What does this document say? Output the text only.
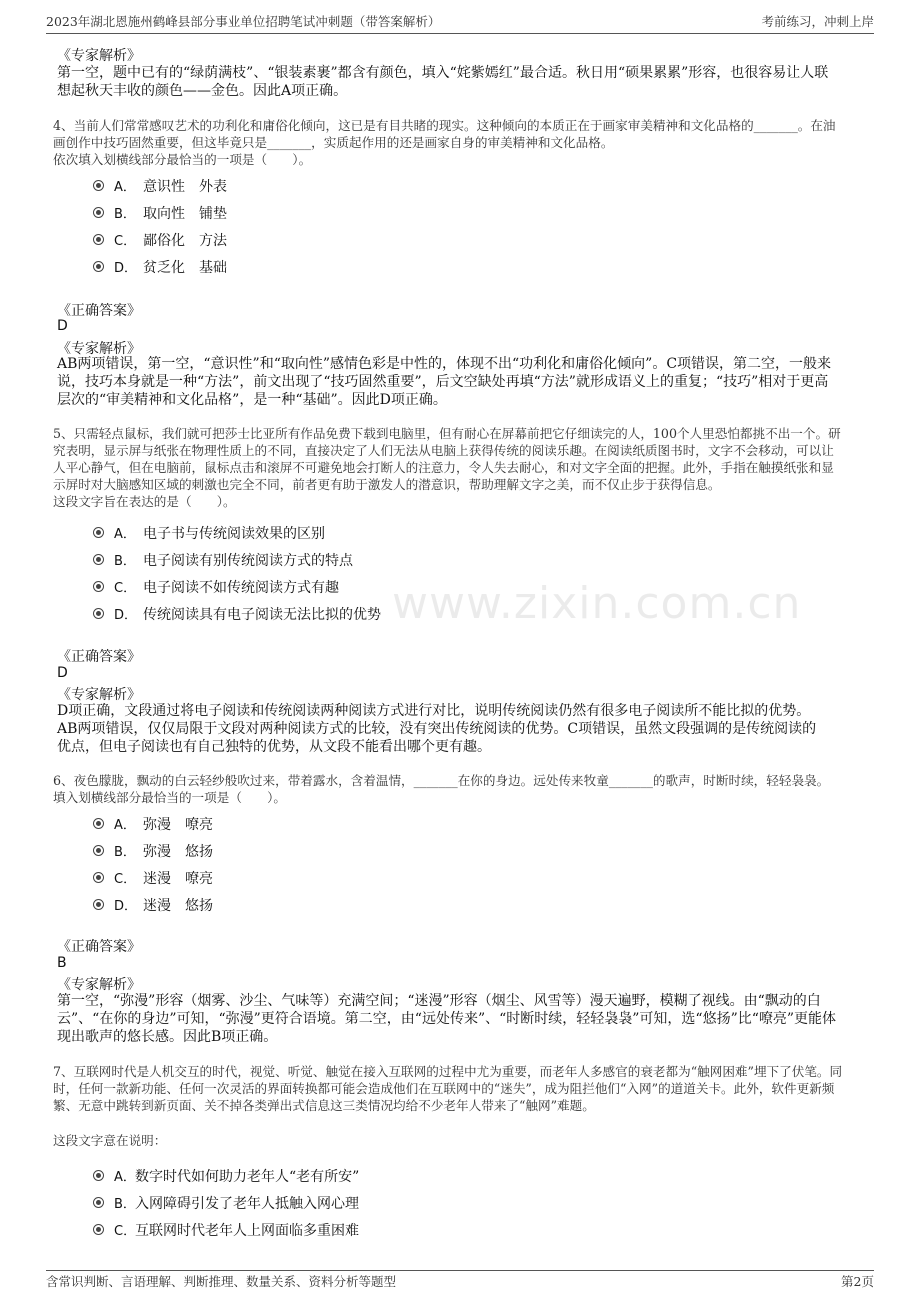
2023年湖北恩施州鹤峰县部分事业单位招聘笔试冲刺题（带答案解析）	考前练习，冲刺上岸
《专家解析》
第一空，题中已有的“绿荫满枝”、“银装素裹”都含有颜色，填入“姹紫嫣红”最合适。秋日用“硕果累累”形容，也很容易让人联
想起秋天丰收的颜色——金色。因此A项正确。
4、当前人们常常感叹艺术的功利化和庸俗化倾向，这已是有目共睹的现实。这种倾向的本质正在于画家审美精神和文化品格的_______。在油
画创作中技巧固然重要，但这毕竟只是_______，实质起作用的还是画家自身的审美精神和文化品格。
依次填入划横线部分最恰当的一项是（　　）。
A． 意识性　外表
B． 取向性　铺垫
C． 鄙俗化　方法
D． 贫乏化　基础
《正确答案》
D
《专家解析》
AB两项错误，第一空，“意识性”和“取向性”感情色彩是中性的，体现不出“功利化和庸俗化倾向”。C项错误，第二空，一般来
说，技巧本身就是一种“方法”，前文出现了“技巧固然重要”，后文空缺处再填“方法”就形成语义上的重复；“技巧”相对于更高
层次的“审美精神和文化品格”，是一种“基础”。因此D项正确。
5、只需轻点鼠标，我们就可把莎士比亚所有作品免费下载到电脑里，但有耐心在屏幕前把它仔细读完的人，100个人里恐怕都挑不出一个。研
究表明，显示屏与纸张在物理性质上的不同，直接决定了人们无法从电脑上获得传统的阅读乐趣。在阅读纸质图书时，文字不会移动，可以让
人平心静气，但在电脑前，鼠标点击和滚屏不可避免地会打断人的注意力，令人失去耐心，和对文字全面的把握。此外，手指在触摸纸张和显
示屏时对大脑感知区域的刺激也完全不同，前者更有助于激发人的潜意识，帮助理解文字之美，而不仅止步于获得信息。
这段文字旨在表达的是（　　）。
A． 电子书与传统阅读效果的区别
B． 电子阅读有别传统阅读方式的特点
C． 电子阅读不如传统阅读方式有趣
D． 传统阅读具有电子阅读无法比拟的优势
《正确答案》
D
《专家解析》
D项正确，文段通过将电子阅读和传统阅读两种阅读方式进行对比，说明传统阅读仍然有很多电子阅读所不能比拟的优势。
AB两项错误，仅仅局限于文段对两种阅读方式的比较，没有突出传统阅读的优势。C项错误，虽然文段强调的是传统阅读的
优点，但电子阅读也有自己独特的优势，从文段不能看出哪个更有趣。
6、夜色朦胧，飘动的白云轻纱般吹过来，带着露水，含着温情，_______在你的身边。远处传来牧童_______的歌声，时断时续，轻轻袅袅。
填入划横线部分最恰当的一项是（　　）。
A． 弥漫　嘹亮
B． 弥漫　悠扬
C． 迷漫　嘹亮
D． 迷漫　悠扬
《正确答案》
B
《专家解析》
第一空，“弥漫”形容（烟雾、沙尘、气味等）充满空间；“迷漫”形容（烟尘、风雪等）漫天遍野，模糊了视线。由“飘动的白
云”、“在你的身边”可知，“弥漫”更符合语境。第二空，由“远处传来”、“时断时续，轻轻袅袅”可知，选“悠扬”比“嘹亮”更能体
现出歌声的悠长感。因此B项正确。
7、互联网时代是人机交互的时代，视觉、听觉、触觉在接入互联网的过程中尤为重要，而老年人多感官的衰老都为“触网困难”埋下了伏笔。同
时，任何一款新功能、任何一次灵活的界面转换都可能会造成他们在互联网中的“迷失”，成为阻拦他们“入网”的道道关卡。此外，软件更新频
繁、无意中跳转到新页面、关不掉各类弹出式信息这三类情况均给不少老年人带来了“触网”难题。
这段文字意在说明：
A． 数字时代如何助力老年人“老有所安”
B． 入网障碍引发了老年人抵触入网心理
C．
互联网时代老年人上网面临多重困难
www.zixin.com.cn
含常识判断、言语理解、判断推理、数量关系、资料分析等题型	第2页
